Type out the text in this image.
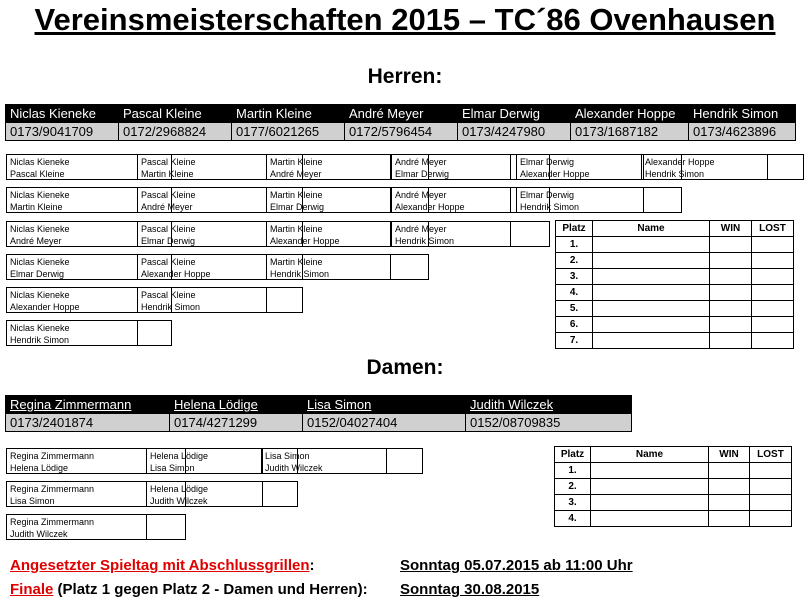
Vereinsmeisterschaften 2015 – TC´86 Ovenhausen
Herren:
Niclas Kieneke	Pascal Kleine	Martin Kleine	André Meyer	Elmar Derwig	Alexander Hoppe	Hendrik Simon
0173/9041709	0172/2968824	0177/6021265	0172/5796454	0173/4247980	0173/1687182	0173/4623896
Niclas Kieneke
Pascal Kleine
Pascal Kleine
Martin Kleine
Martin Kleine
André Meyer
André Meyer
Elmar Derwig
Elmar Derwig
Alexander Hoppe
Alexander Hoppe
Hendrik Simon
Niclas Kieneke
Martin Kleine
Pascal Kleine
André Meyer
Martin Kleine
Elmar Derwig
André Meyer
Alexander Hoppe
Elmar Derwig
Hendrik Simon
Niclas Kieneke
André Meyer
Pascal Kleine
Elmar Derwig
Martin Kleine
Alexander Hoppe
André Meyer
Hendrik Simon
Niclas Kieneke
Elmar Derwig
Pascal Kleine
Alexander Hoppe
Martin Kleine
Hendrik Simon
Niclas Kieneke
Alexander Hoppe
Pascal Kleine
Hendrik Simon
Niclas Kieneke
Hendrik Simon
Platz	Name	WIN	LOST
1.			
2.			
3.			
4.			
5.			
6.			
7.			
Damen:
Regina Zimmermann	Helena Lödige	Lisa Simon	Judith Wilczek
0173/2401874	0174/4271299	0152/04027404	0152/08709835
Regina Zimmermann
Helena Lödige
Helena Lödige
Lisa Simon
Lisa Simon
Judith Wilczek
Regina Zimmermann
Lisa Simon
Helena Lödige
Judith Wilczek
Regina Zimmermann
Judith Wilczek
Platz	Name	WIN	LOST
1.			
2.			
3.			
4.			
Angesetzter Spieltag mit Abschlussgrillen:	Sonntag 05.07.2015 ab 11:00 Uhr
Finale (Platz 1 gegen Platz 2 - Damen und Herren): Sonntag 30.08.2015
